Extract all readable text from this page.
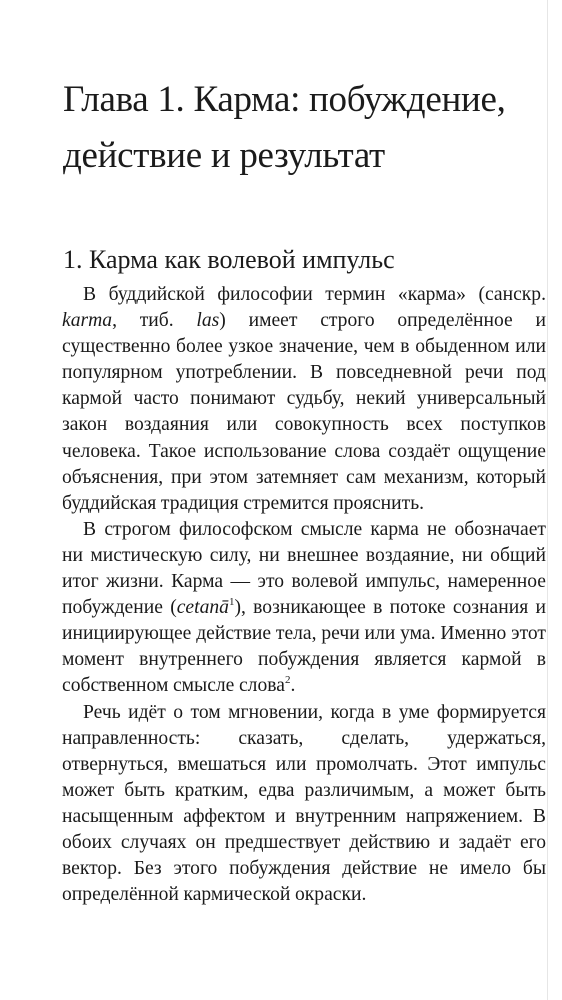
Глава 1. Карма: побуждение,
действие и результат
1. Карма как волевой импульс

В буддийской философии термин «карма» (санскр. karma, тиб. las) имеет строго определённое и существенно более узкое значение, чем в обыденном или популярном употреблении. В повседневной речи под кармой часто понимают судьбу, некий универсальный закон воздаяния или совокупность всех поступков человека. Такое использование слова создаёт ощущение объяснения, при этом затемняет сам механизм, который буддийская традиция стремится прояснить.

В строгом философском смысле карма не обозначает ни мистическую силу, ни внешнее воздаяние, ни общий итог жизни. Карма — это волевой импульс, намеренное побуждение (cetanā$^1$), возникающее в потоке сознания и инициирующее действие тела, речи или ума. Именно этот момент внутреннего побуждения является кармой в собственном смысле слова$^2$.

Речь идёт о том мгновении, когда в уме формируется направленность: сказать, сделать, удержаться, отвернуться, вмешаться или промолчать. Этот импульс может быть кратким, едва различимым, а может быть насыщенным аффектом и внутренним напряжением. В обоих случаях он предшествует действию и задаёт его вектор. Без этого побуждения действие не имело бы определённой кармической окраски.
